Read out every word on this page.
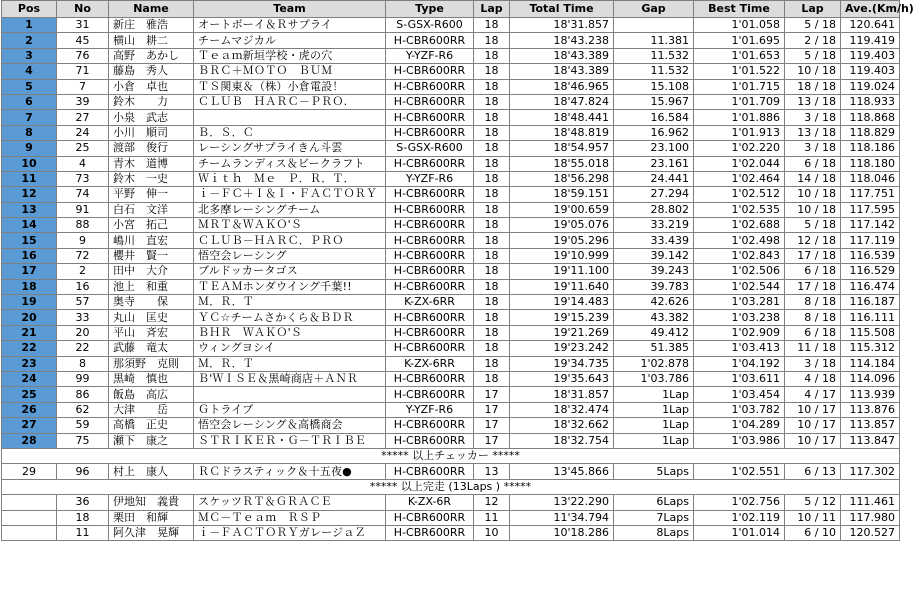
Pos	No	Name	Team	Type	Lap	Total Time	Gap	Best Time	Lap	Ave.(Km/h)
1	31	新庄　雅浩	オートボーイ＆Ｒサプライ	S-GSX-R600	18	18'31.857		1'01.058	5 / 18	120.641
2	45	横山　耕二	チームマジカル	H-CBR600RR	18	18'43.238	11.381	1'01.695	2 / 18	119.419
3	76	高野　あかし	Ｔｅａｍ新垣学校・虎の穴	Y-YZF-R6	18	18'43.389	11.532	1'01.653	5 / 18	119.403
4	71	藤島　秀人	ＢＲＣ＋ＭＯＴＯ　ＢＵＭ	H-CBR600RR	18	18'43.389	11.532	1'01.522	10 / 18	119.403
5	7	小倉　卓也	ＴＳ関東＆（株）小倉電設！	H-CBR600RR	18	18'46.965	15.108	1'01.715	18 / 18	119.024
6	39	鈴木　　力	ＣＬＵＢ　ＨＡＲＣ－ＰＲＯ.	H-CBR600RR	18	18'47.824	15.967	1'01.709	13 / 18	118.933
7	27	小泉　武志		H-CBR600RR	18	18'48.441	16.584	1'01.886	3 / 18	118.868
8	24	小川　順司	Ｂ．Ｓ．Ｃ	H-CBR600RR	18	18'48.819	16.962	1'01.913	13 / 18	118.829
9	25	渡部　俊行	レーシングサプライきん斗雲	S-GSX-R600	18	18'54.957	23.100	1'02.220	3 / 18	118.186
10	4	青木　道博	チームランディス＆ビークラフト	H-CBR600RR	18	18'55.018	23.161	1'02.044	6 / 18	118.180
11	73	鈴木　一史	Ｗｉｔｈ　Ｍｅ　Ｐ．Ｒ．Ｔ．	Y-YZF-R6	18	18'56.298	24.441	1'02.464	14 / 18	118.046
12	74	平野　伸一	ｉ－ＦＣ＋Ｉ＆Ｉ・ＦＡＣＴＯＲＹ	H-CBR600RR	18	18'59.151	27.294	1'02.512	10 / 18	117.751
13	91	白石　文洋	北多摩レーシングチーム	H-CBR600RR	18	19'00.659	28.802	1'02.535	10 / 18	117.595
14	88	小宮　拓己	ＭＲＴ＆ＷＡＫＯ'Ｓ	H-CBR600RR	18	19'05.076	33.219	1'02.688	5 / 18	117.142
15	9	嶋川　直宏	ＣＬＵＢ－ＨＡＲＣ．ＰＲＯ	H-CBR600RR	18	19'05.296	33.439	1'02.498	12 / 18	117.119
16	72	櫻井　賢一	悟空会レーシング	H-CBR600RR	18	19'10.999	39.142	1'02.843	17 / 18	116.539
17	2	田中　大介	ブルドッカータゴス	H-CBR600RR	18	19'11.100	39.243	1'02.506	6 / 18	116.529
18	16	池上　和重	ＴＥＡＭホンダウイング千葉!!	H-CBR600RR	18	19'11.640	39.783	1'02.544	17 / 18	116.474
19	57	奥寺　　保	Ｍ．Ｒ．Ｔ	K-ZX-6RR	18	19'14.483	42.626	1'03.281	8 / 18	116.187
20	33	丸山　匡史	ＹＣ☆チームさかくら＆ＢＤＲ	H-CBR600RR	18	19'15.239	43.382	1'03.238	8 / 18	116.111
21	20	平山　斉宏	ＢＨＲ　ＷＡＫＯ'Ｓ	H-CBR600RR	18	19'21.269	49.412	1'02.909	6 / 18	115.508
22	22	武藤　竜太	ウィングヨシイ	H-CBR600RR	18	19'23.242	51.385	1'03.413	11 / 18	115.312
23	8	那須野　克則	Ｍ．Ｒ．Ｔ	K-ZX-6RR	18	19'34.735	1'02.878	1'04.192	3 / 18	114.184
24	99	黒崎　慎也	Ｂ'ＷＩＳＥ＆黒崎商店＋ＡＮＲ	H-CBR600RR	18	19'35.643	1'03.786	1'03.611	4 / 18	114.096
25	86	飯島　高広		H-CBR600RR	17	18'31.857	1Lap	1'03.454	4 / 17	113.939
26	62	大津　　岳	Ｇトライブ	Y-YZF-R6	17	18'32.474	1Lap	1'03.782	10 / 17	113.876
27	59	高橋　正史	悟空会レーシング＆高橋商会	H-CBR600RR	17	18'32.662	1Lap	1'04.289	10 / 17	113.857
28	75	瀬下　康之	ＳＴＲＩＫＥＲ・Ｇ－ＴＲＩＢＥ	H-CBR600RR	17	18'32.754	1Lap	1'03.986	10 / 17	113.847
***** 以上チェッカー *****										
29	96	村上　康人	ＲＣドラスティック＆十五夜●	H-CBR600RR	13	13'45.866	5Laps	1'02.551	6 / 13	117.302
***** 以上完走 (13Laps ) *****										
	36	伊地知　義貴	スケッツＲＴ＆ＧＲＡＣＥ	K-ZX-6R	12	13'22.290	6Laps	1'02.756	5 / 12	111.461
	18	栗田　和輝	ＭＣ－Ｔｅａｍ　ＲＳＰ	H-CBR600RR	11	11'34.794	7Laps	1'02.119	10 / 11	117.980
	11	阿久津　晃輝	ｉ－ＦＡＣＴＯＲＹガレージａＺ	H-CBR600RR	10	10'18.286	8Laps	1'01.014	6 / 10	120.527
